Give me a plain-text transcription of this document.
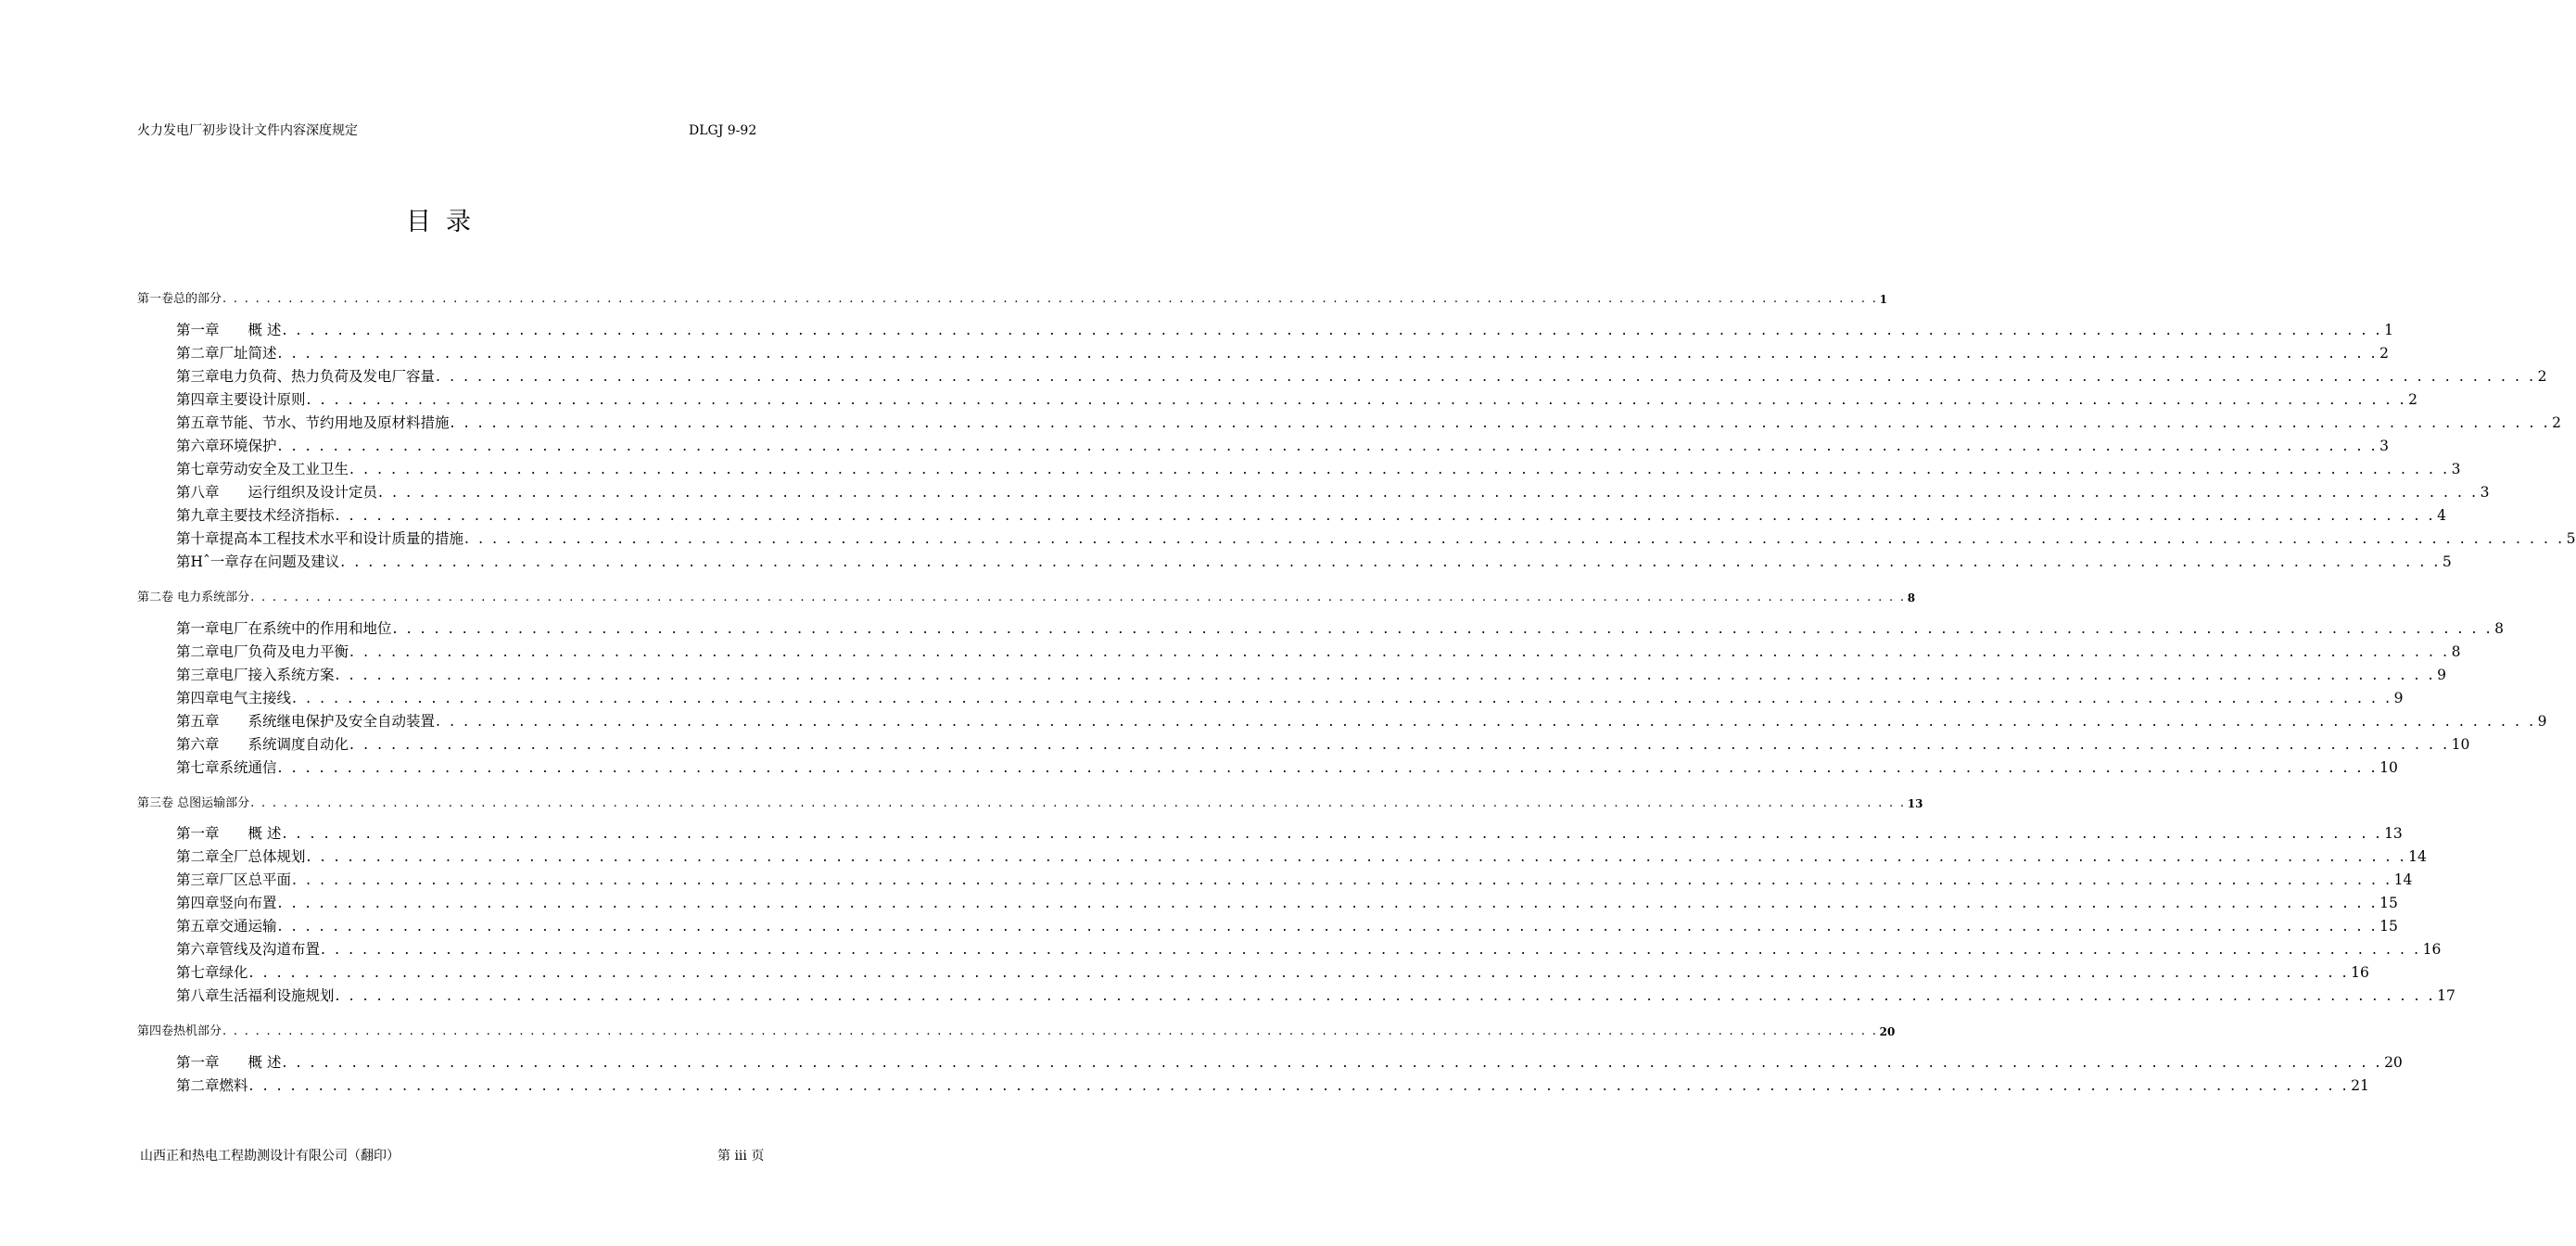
火力发电厂初步设计文件内容深度规定	DLGJ 9-92
目录
第一卷总的部分 . . . . . . . . . . . . . . . . . . . . . . . . . . . . . . . . . . . . . . . . . . . . . . . . . . . . . . . . . . . . . . . . . . . . . . . . . . . . . . . . . . . . . . . . . . . . . . . . . . . . . . . . . . . . . . . . . . . . . . . . . . . . . . . . . . . . . . . . . . . . . . . . . . . . . . . 1
第一章　　概 述 . . . . . . . . . . . . . . . . . . . . . . . . . . . . . . . . . . . . . . . . . . . . . . . . . . . . . . . . . . . . . . . . . . . . . . . . . . . . . . . . . . . . . . . . . . . . . . . . . . . . . . . . . . . . . . . . . . . . . . . . . . . . . . . . . . . . . . . . . . . . . . . . . . . . . . . 1
第二章厂址简述 . . . . . . . . . . . . . . . . . . . . . . . . . . . . . . . . . . . . . . . . . . . . . . . . . . . . . . . . . . . . . . . . . . . . . . . . . . . . . . . . . . . . . . . . . . . . . . . . . . . . . . . . . . . . . . . . . . . . . . . . . . . . . . . . . . . . . . . . . . . . . . . . . . . . . . . 2
第三章电力负荷、热力负荷及发电厂容量 . . . . . . . . . . . . . . . . . . . . . . . . . . . . . . . . . . . . . . . . . . . . . . . . . . . . . . . . . . . . . . . . . . . . . . . . . . . . . . . . . . . . . . . . . . . . . . . . . . . . . . . . . . . . . . . . . . . . . . . . . . . . . . . . . . . . . . . . . . . . . . . . . . . . . . . 2
第四章主要设计原则 . . . . . . . . . . . . . . . . . . . . . . . . . . . . . . . . . . . . . . . . . . . . . . . . . . . . . . . . . . . . . . . . . . . . . . . . . . . . . . . . . . . . . . . . . . . . . . . . . . . . . . . . . . . . . . . . . . . . . . . . . . . . . . . . . . . . . . . . . . . . . . . . . . . . . . . 2
第五章节能、节水、节约用地及原材料措施 . . . . . . . . . . . . . . . . . . . . . . . . . . . . . . . . . . . . . . . . . . . . . . . . . . . . . . . . . . . . . . . . . . . . . . . . . . . . . . . . . . . . . . . . . . . . . . . . . . . . . . . . . . . . . . . . . . . . . . . . . . . . . . . . . . . . . . . . . . . . . . . . . . . . . . . 2
第六章环境保护 . . . . . . . . . . . . . . . . . . . . . . . . . . . . . . . . . . . . . . . . . . . . . . . . . . . . . . . . . . . . . . . . . . . . . . . . . . . . . . . . . . . . . . . . . . . . . . . . . . . . . . . . . . . . . . . . . . . . . . . . . . . . . . . . . . . . . . . . . . . . . . . . . . . . . . . 3
第七章劳动安全及工业卫生 . . . . . . . . . . . . . . . . . . . . . . . . . . . . . . . . . . . . . . . . . . . . . . . . . . . . . . . . . . . . . . . . . . . . . . . . . . . . . . . . . . . . . . . . . . . . . . . . . . . . . . . . . . . . . . . . . . . . . . . . . . . . . . . . . . . . . . . . . . . . . . . . . . . . . . . 3
第八章　　运行组织及设计定员 . . . . . . . . . . . . . . . . . . . . . . . . . . . . . . . . . . . . . . . . . . . . . . . . . . . . . . . . . . . . . . . . . . . . . . . . . . . . . . . . . . . . . . . . . . . . . . . . . . . . . . . . . . . . . . . . . . . . . . . . . . . . . . . . . . . . . . . . . . . . . . . . . . . . . . . 3
第九章主要技术经济指标 . . . . . . . . . . . . . . . . . . . . . . . . . . . . . . . . . . . . . . . . . . . . . . . . . . . . . . . . . . . . . . . . . . . . . . . . . . . . . . . . . . . . . . . . . . . . . . . . . . . . . . . . . . . . . . . . . . . . . . . . . . . . . . . . . . . . . . . . . . . . . . . . . . . . . . . 4
第十章提高本工程技术水平和设计质量的措施 . . . . . . . . . . . . . . . . . . . . . . . . . . . . . . . . . . . . . . . . . . . . . . . . . . . . . . . . . . . . . . . . . . . . . . . . . . . . . . . . . . . . . . . . . . . . . . . . . . . . . . . . . . . . . . . . . . . . . . . . . . . . . . . . . . . . . . . . . . . . . . . . . . . . . . . 5
第Hˆ一章存在问题及建议 . . . . . . . . . . . . . . . . . . . . . . . . . . . . . . . . . . . . . . . . . . . . . . . . . . . . . . . . . . . . . . . . . . . . . . . . . . . . . . . . . . . . . . . . . . . . . . . . . . . . . . . . . . . . . . . . . . . . . . . . . . . . . . . . . . . . . . . . . . . . . . . . . . . . . . . 5
第二卷 电力系统部分 . . . . . . . . . . . . . . . . . . . . . . . . . . . . . . . . . . . . . . . . . . . . . . . . . . . . . . . . . . . . . . . . . . . . . . . . . . . . . . . . . . . . . . . . . . . . . . . . . . . . . . . . . . . . . . . . . . . . . . . . . . . . . . . . . . . . . . . . . . . . . . . . . . . . . . . 8
第一章电厂在系统中的作用和地位 . . . . . . . . . . . . . . . . . . . . . . . . . . . . . . . . . . . . . . . . . . . . . . . . . . . . . . . . . . . . . . . . . . . . . . . . . . . . . . . . . . . . . . . . . . . . . . . . . . . . . . . . . . . . . . . . . . . . . . . . . . . . . . . . . . . . . . . . . . . . . . . . . . . . . . . 8
第二章电厂负荷及电力平衡 . . . . . . . . . . . . . . . . . . . . . . . . . . . . . . . . . . . . . . . . . . . . . . . . . . . . . . . . . . . . . . . . . . . . . . . . . . . . . . . . . . . . . . . . . . . . . . . . . . . . . . . . . . . . . . . . . . . . . . . . . . . . . . . . . . . . . . . . . . . . . . . . . . . . . . . 8
第三章电厂接入系统方案 . . . . . . . . . . . . . . . . . . . . . . . . . . . . . . . . . . . . . . . . . . . . . . . . . . . . . . . . . . . . . . . . . . . . . . . . . . . . . . . . . . . . . . . . . . . . . . . . . . . . . . . . . . . . . . . . . . . . . . . . . . . . . . . . . . . . . . . . . . . . . . . . . . . . . . . 9
第四章电气主接线 . . . . . . . . . . . . . . . . . . . . . . . . . . . . . . . . . . . . . . . . . . . . . . . . . . . . . . . . . . . . . . . . . . . . . . . . . . . . . . . . . . . . . . . . . . . . . . . . . . . . . . . . . . . . . . . . . . . . . . . . . . . . . . . . . . . . . . . . . . . . . . . . . . . . . . . 9
第五章　　系统继电保护及安全自动装置 . . . . . . . . . . . . . . . . . . . . . . . . . . . . . . . . . . . . . . . . . . . . . . . . . . . . . . . . . . . . . . . . . . . . . . . . . . . . . . . . . . . . . . . . . . . . . . . . . . . . . . . . . . . . . . . . . . . . . . . . . . . . . . . . . . . . . . . . . . . . . . . . . . . . . . . 9
第六章　　系统调度自动化 . . . . . . . . . . . . . . . . . . . . . . . . . . . . . . . . . . . . . . . . . . . . . . . . . . . . . . . . . . . . . . . . . . . . . . . . . . . . . . . . . . . . . . . . . . . . . . . . . . . . . . . . . . . . . . . . . . . . . . . . . . . . . . . . . . . . . . . . . . . . . . . . . . . . . . . 10
第七章系统通信 . . . . . . . . . . . . . . . . . . . . . . . . . . . . . . . . . . . . . . . . . . . . . . . . . . . . . . . . . . . . . . . . . . . . . . . . . . . . . . . . . . . . . . . . . . . . . . . . . . . . . . . . . . . . . . . . . . . . . . . . . . . . . . . . . . . . . . . . . . . . . . . . . . . . . . . 10
第三卷 总图运输部分 . . . . . . . . . . . . . . . . . . . . . . . . . . . . . . . . . . . . . . . . . . . . . . . . . . . . . . . . . . . . . . . . . . . . . . . . . . . . . . . . . . . . . . . . . . . . . . . . . . . . . . . . . . . . . . . . . . . . . . . . . . . . . . . . . . . . . . . . . . . . . . . . . . . . . . . 13
第一章　　概 述 . . . . . . . . . . . . . . . . . . . . . . . . . . . . . . . . . . . . . . . . . . . . . . . . . . . . . . . . . . . . . . . . . . . . . . . . . . . . . . . . . . . . . . . . . . . . . . . . . . . . . . . . . . . . . . . . . . . . . . . . . . . . . . . . . . . . . . . . . . . . . . . . . . . . . . . 13
第二章全厂总体规划 . . . . . . . . . . . . . . . . . . . . . . . . . . . . . . . . . . . . . . . . . . . . . . . . . . . . . . . . . . . . . . . . . . . . . . . . . . . . . . . . . . . . . . . . . . . . . . . . . . . . . . . . . . . . . . . . . . . . . . . . . . . . . . . . . . . . . . . . . . . . . . . . . . . . . . . 14
第三章厂区总平面 . . . . . . . . . . . . . . . . . . . . . . . . . . . . . . . . . . . . . . . . . . . . . . . . . . . . . . . . . . . . . . . . . . . . . . . . . . . . . . . . . . . . . . . . . . . . . . . . . . . . . . . . . . . . . . . . . . . . . . . . . . . . . . . . . . . . . . . . . . . . . . . . . . . . . . . 14
第四章竖向布置 . . . . . . . . . . . . . . . . . . . . . . . . . . . . . . . . . . . . . . . . . . . . . . . . . . . . . . . . . . . . . . . . . . . . . . . . . . . . . . . . . . . . . . . . . . . . . . . . . . . . . . . . . . . . . . . . . . . . . . . . . . . . . . . . . . . . . . . . . . . . . . . . . . . . . . . 15
第五章交通运输 . . . . . . . . . . . . . . . . . . . . . . . . . . . . . . . . . . . . . . . . . . . . . . . . . . . . . . . . . . . . . . . . . . . . . . . . . . . . . . . . . . . . . . . . . . . . . . . . . . . . . . . . . . . . . . . . . . . . . . . . . . . . . . . . . . . . . . . . . . . . . . . . . . . . . . . 15
第六章管线及沟道布置 . . . . . . . . . . . . . . . . . . . . . . . . . . . . . . . . . . . . . . . . . . . . . . . . . . . . . . . . . . . . . . . . . . . . . . . . . . . . . . . . . . . . . . . . . . . . . . . . . . . . . . . . . . . . . . . . . . . . . . . . . . . . . . . . . . . . . . . . . . . . . . . . . . . . . . . 16
第七章绿化 . . . . . . . . . . . . . . . . . . . . . . . . . . . . . . . . . . . . . . . . . . . . . . . . . . . . . . . . . . . . . . . . . . . . . . . . . . . . . . . . . . . . . . . . . . . . . . . . . . . . . . . . . . . . . . . . . . . . . . . . . . . . . . . . . . . . . . . . . . . . . . . . . . . . . . . 16
第八章生活福利设施规划 . . . . . . . . . . . . . . . . . . . . . . . . . . . . . . . . . . . . . . . . . . . . . . . . . . . . . . . . . . . . . . . . . . . . . . . . . . . . . . . . . . . . . . . . . . . . . . . . . . . . . . . . . . . . . . . . . . . . . . . . . . . . . . . . . . . . . . . . . . . . . . . . . . . . . . . 17
第四卷热机部分 . . . . . . . . . . . . . . . . . . . . . . . . . . . . . . . . . . . . . . . . . . . . . . . . . . . . . . . . . . . . . . . . . . . . . . . . . . . . . . . . . . . . . . . . . . . . . . . . . . . . . . . . . . . . . . . . . . . . . . . . . . . . . . . . . . . . . . . . . . . . . . . . . . . . . . . 20
第一章　　概 述 . . . . . . . . . . . . . . . . . . . . . . . . . . . . . . . . . . . . . . . . . . . . . . . . . . . . . . . . . . . . . . . . . . . . . . . . . . . . . . . . . . . . . . . . . . . . . . . . . . . . . . . . . . . . . . . . . . . . . . . . . . . . . . . . . . . . . . . . . . . . . . . . . . . . . . . 20
第二章燃料 . . . . . . . . . . . . . . . . . . . . . . . . . . . . . . . . . . . . . . . . . . . . . . . . . . . . . . . . . . . . . . . . . . . . . . . . . . . . . . . . . . . . . . . . . . . . . . . . . . . . . . . . . . . . . . . . . . . . . . . . . . . . . . . . . . . . . . . . . . . . . . . . . . . . . . . 21
山西正和热电工程勘测设计有限公司（翻印）	第 iii 页
